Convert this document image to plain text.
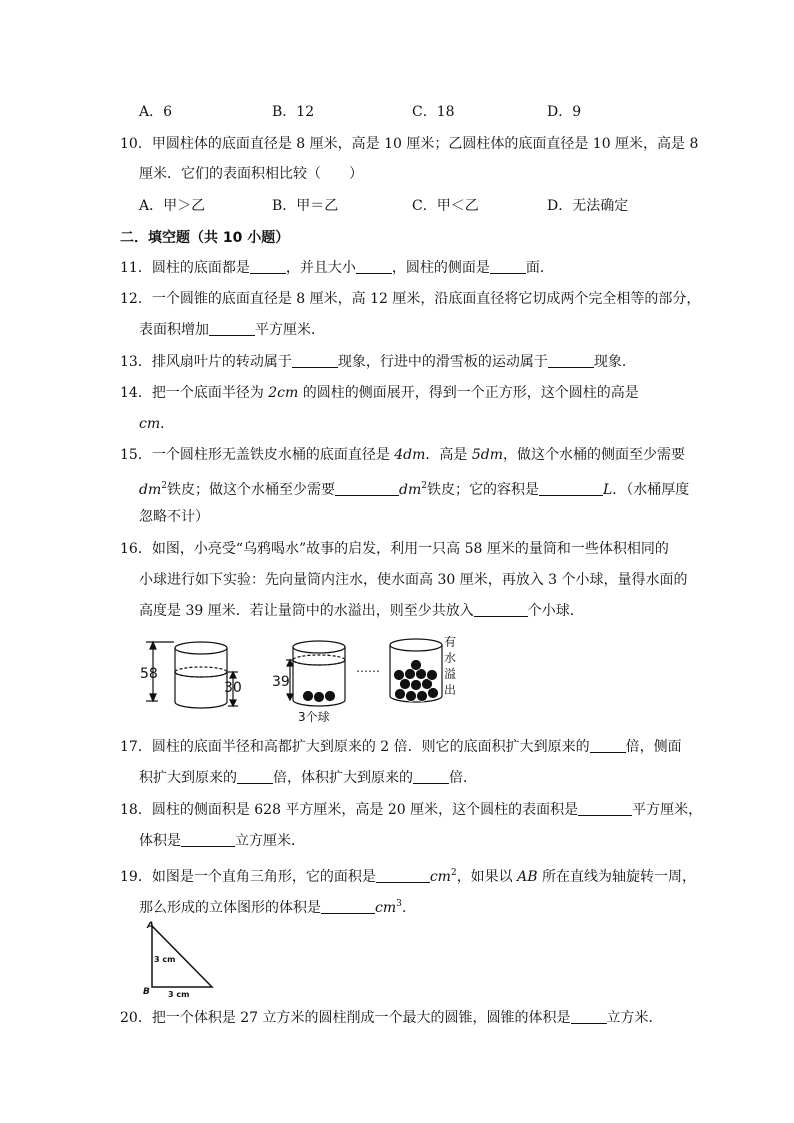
A．6	B．12	C．18	D．9
10．甲圆柱体的底面直径是 8 厘米，高是 10 厘米；乙圆柱体的底面直径是 10 厘米，高是 8
厘米．它们的表面积相比较（　　）
A．甲＞乙	B．甲＝乙	C．甲＜乙	D．无法确定
二．填空题（共 10 小题）
11．圆柱的底面都是	，并且大小	，圆柱的侧面是	面．
12．一个圆锥的底面直径是 8 厘米，高 12 厘米，沿底面直径将它切成两个完全相等的部分，
表面积增加	平方厘米．
13．排风扇叶片的转动属于	现象，行进中的滑雪板的运动属于	现象．
14．把一个底面半径为 2cm 的圆柱的侧面展开，得到一个正方形，这个圆柱的高是
cm．
15．一个圆柱形无盖铁皮水桶的底面直径是 4dm．高是 5dm，做这个水桶的侧面至少需要
$dm^2$铁皮；做这个水桶至少需要	$dm^2$铁皮；它的容积是	L．（水桶厚度
忽略不计）
16．如图，小亮受“乌鸦喝水”故事的启发，利用一只高 58 厘米的量筒和一些体积相同的
小球进行如下实验：先向量筒内注水，使水面高 30 厘米，再放入 3 个小球，量得水面的
高度是 39 厘米．若让量筒中的水溢出，则至少共放入	个小球．
58
30 39
3个球
……
有
水
溢
出
17．圆柱的底面半径和高都扩大到原来的 2 倍．则它的底面积扩大到原来的	倍，侧面
积扩大到原来的	倍，体积扩大到原来的	倍．
18．圆柱的侧面积是 628 平方厘米，高是 20 厘米，这个圆柱的表面积是	平方厘米，
体积是	立方厘米．
19．如图是一个直角三角形，它的面积是	$cm^2$，如果以 AB 所在直线为轴旋转一周，
那么形成的立体图形的体积是	$cm^3$.
A
B
3 cm
3 cm
20．把一个体积是 27 立方米的圆柱削成一个最大的圆锥，圆锥的体积是	立方米．
